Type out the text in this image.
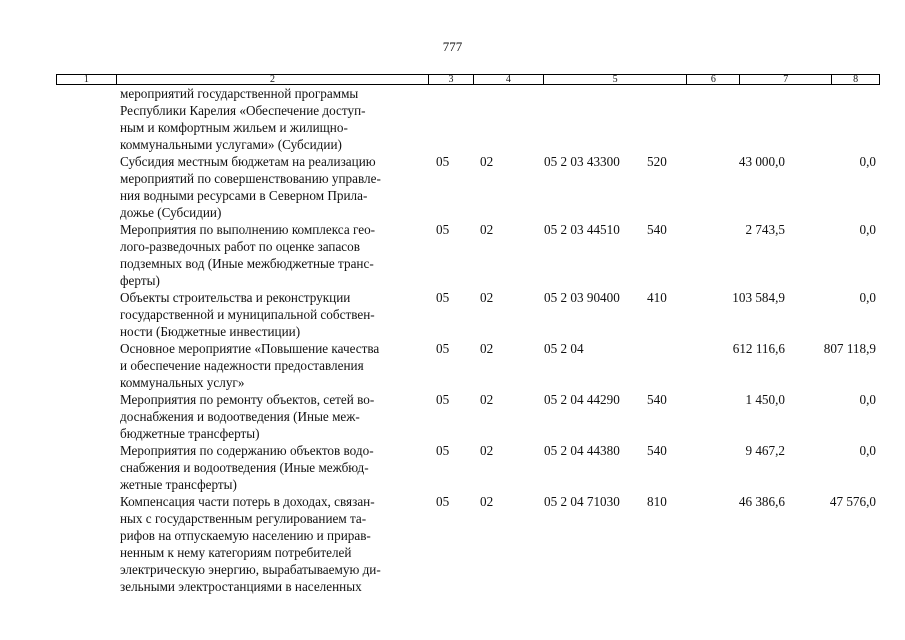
777
1	2	3	4	5	6	7	8
мероприятий государственной программы
Республики Карелия «Обеспечение доступ-
ным и комфортным жильем и жилищно-
коммунальными услугами» (Субсидии)
Субсидия местным бюджетам на реализацию
мероприятий по совершенствованию управле-
ния водными ресурсами в Северном Прила-
дожье (Субсидии)
05 02	05 2 03 43300 520	43 000,0	0,0
Мероприятия по выполнению комплекса гео-
лого-разведочных работ по оценке запасов
подземных вод (Иные межбюджетные транс-
ферты)
05 02	05 2 03 44510 540	2 743,5	0,0
Объекты строительства и реконструкции
государственной и муниципальной собствен-
ности (Бюджетные инвестиции)
05 02	05 2 03 90400 410	103 584,9	0,0
Основное мероприятие «Повышение качества
и обеспечение надежности предоставления
коммунальных услуг»
05 02	05 2 04	612 116,6	807 118,9
Мероприятия по ремонту объектов, сетей во-
доснабжения и водоотведения (Иные меж-
бюджетные трансферты)
05 02	05 2 04 44290 540	1 450,0	0,0
Мероприятия по содержанию объектов водо-
снабжения и водоотведения (Иные межбюд-
жетные трансферты)
05 02	05 2 04 44380 540	9 467,2	0,0
Компенсация части потерь в доходах, связан-
ных с государственным регулированием та-
рифов на отпускаемую населению и прирав-
ненным к нему категориям потребителей
электрическую энергию, вырабатываемую ди-
зельными электростанциями в населенных
05 02	05 2 04 71030 810	46 386,6	47 576,0
